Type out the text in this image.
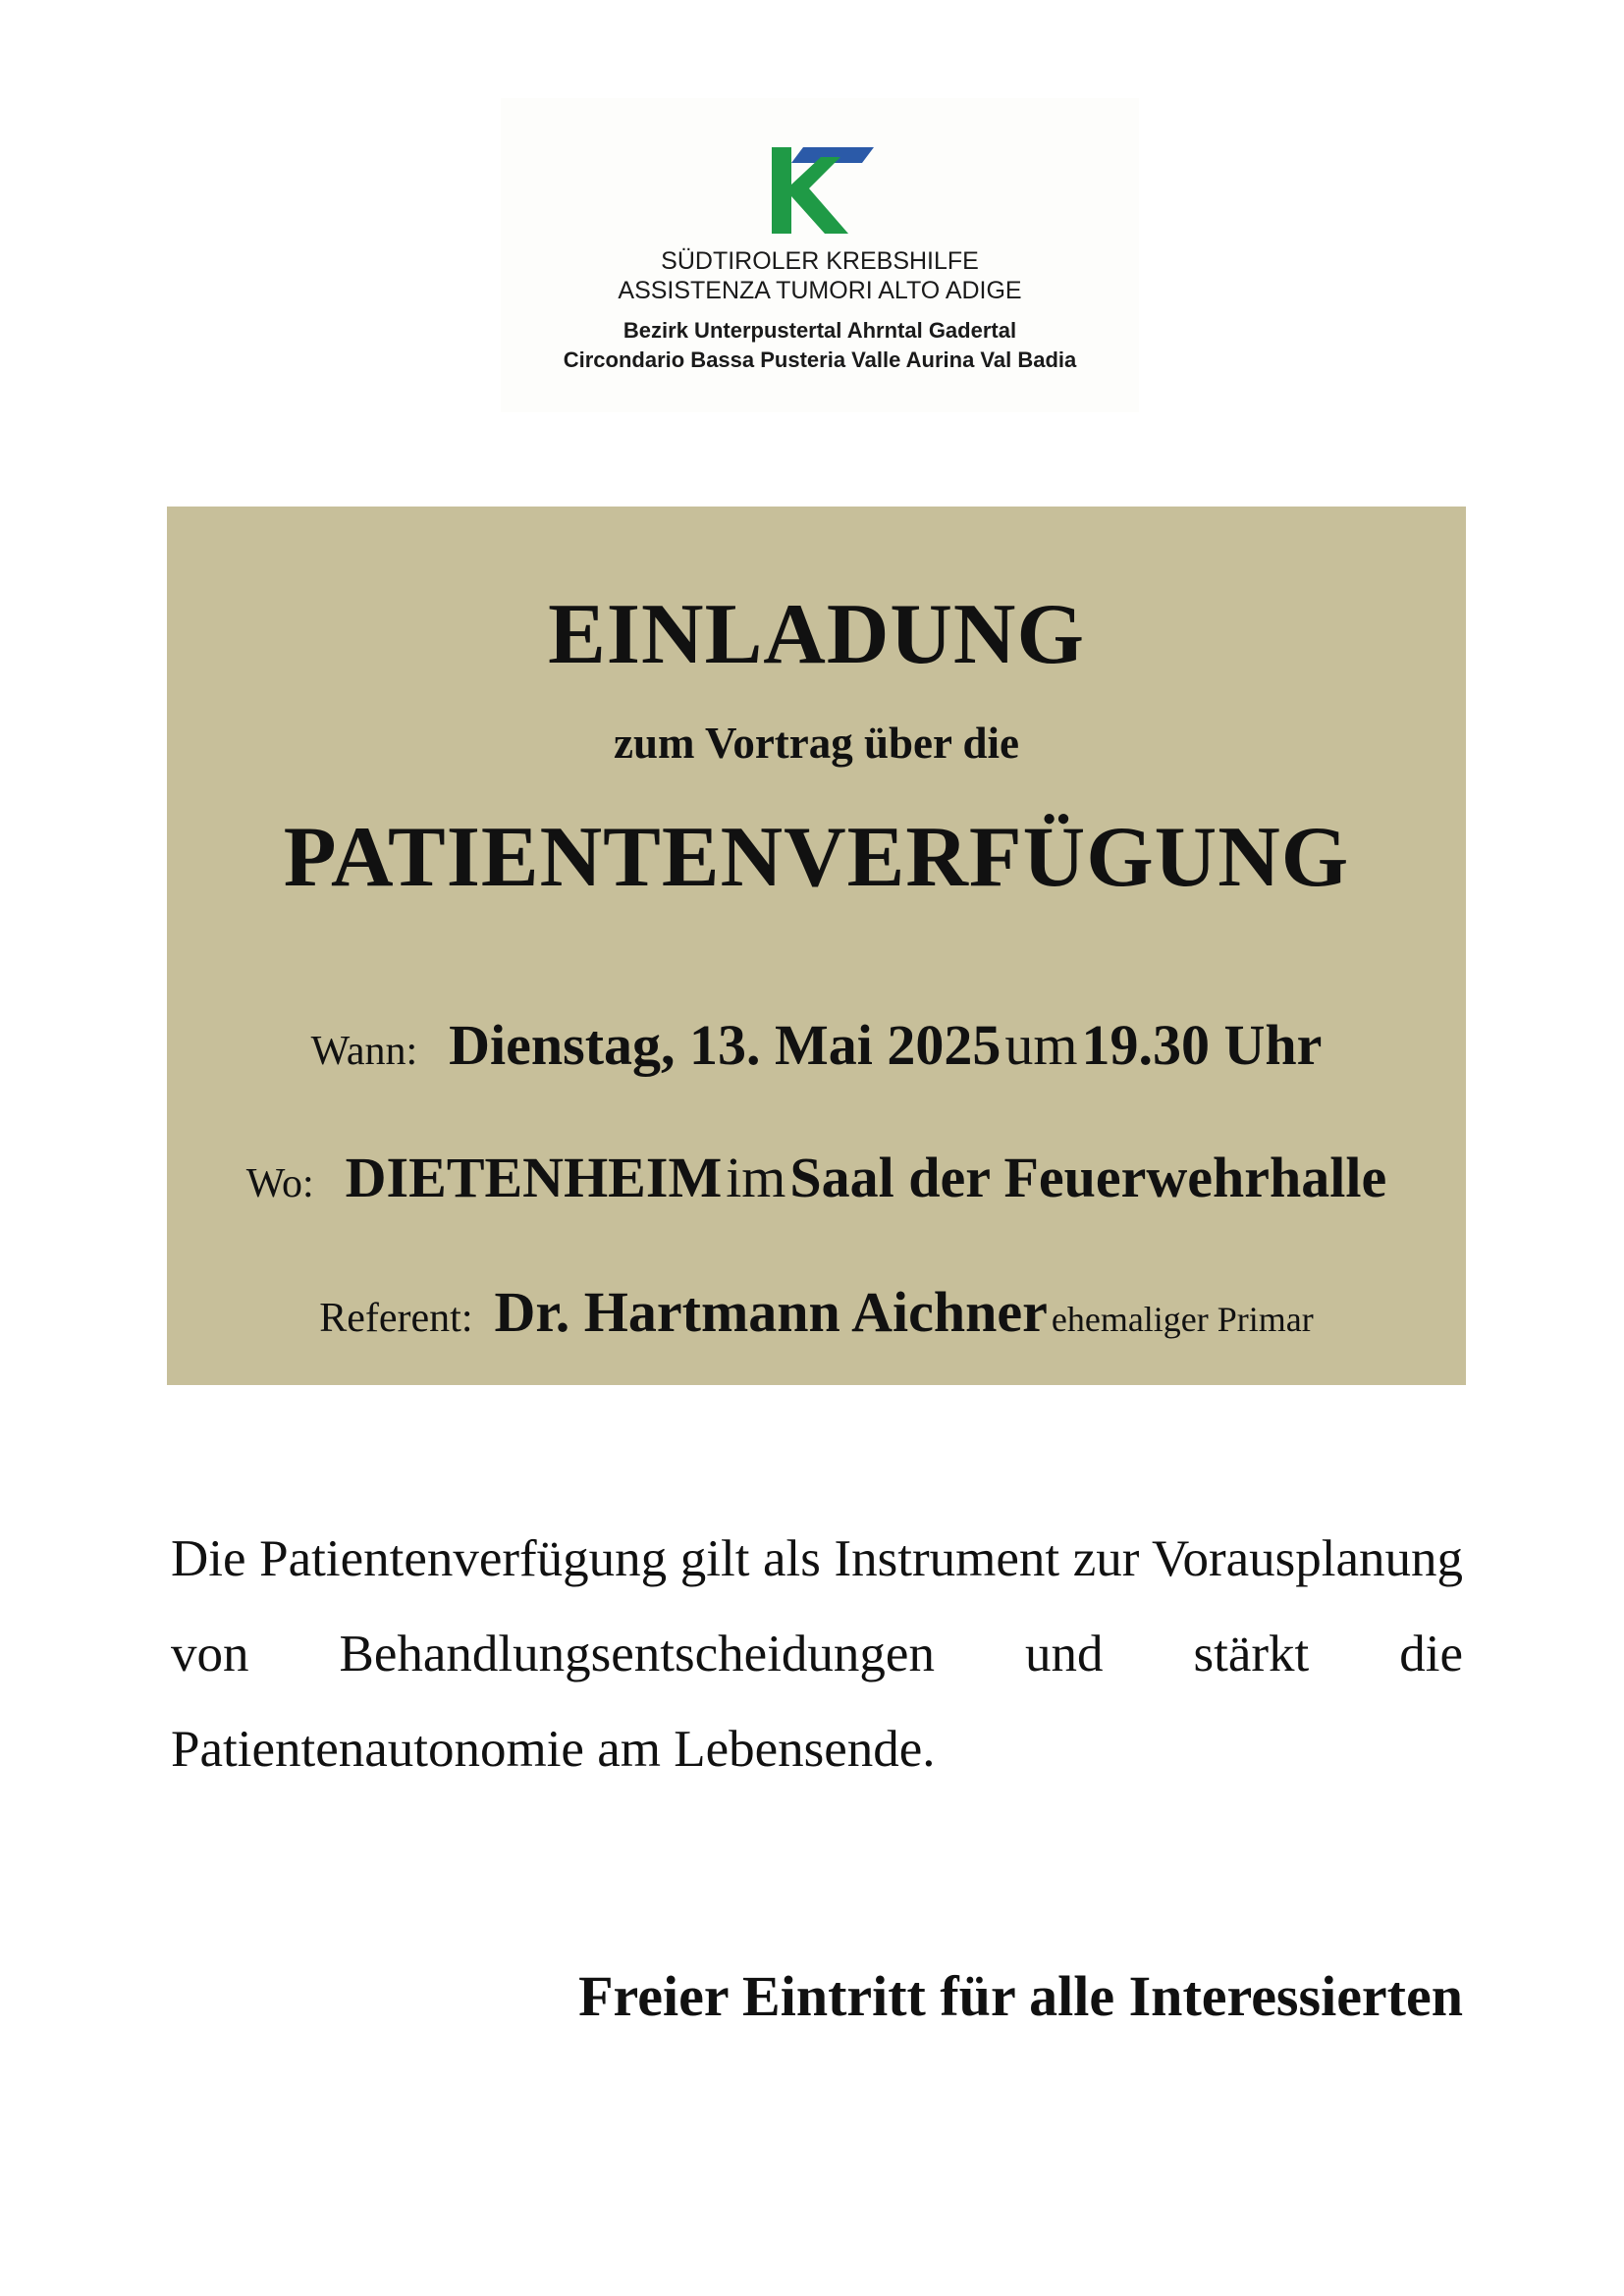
SÜDTIROLER KREBSHILFE
ASSISTENZA TUMORI ALTO ADIGE
Bezirk Unterpustertal Ahrntal Gadertal
Circondario Bassa Pusteria Valle Aurina Val Badia
EINLADUNG
zum Vortrag über die
PATIENTENVERFÜGUNG
Wann: Dienstag, 13. Mai 2025 um 19.30 Uhr
Wo: DIETENHEIM im Saal der Feuerwehrhalle
Referent: Dr. Hartmann Aichner ehemaliger Primar
Die Patientenverfügung gilt als Instrument zur Vorausplanung von Behandlungsentscheidungen und stärkt die Patientenautonomie am Lebensende.
Freier Eintritt für alle Interessierten
